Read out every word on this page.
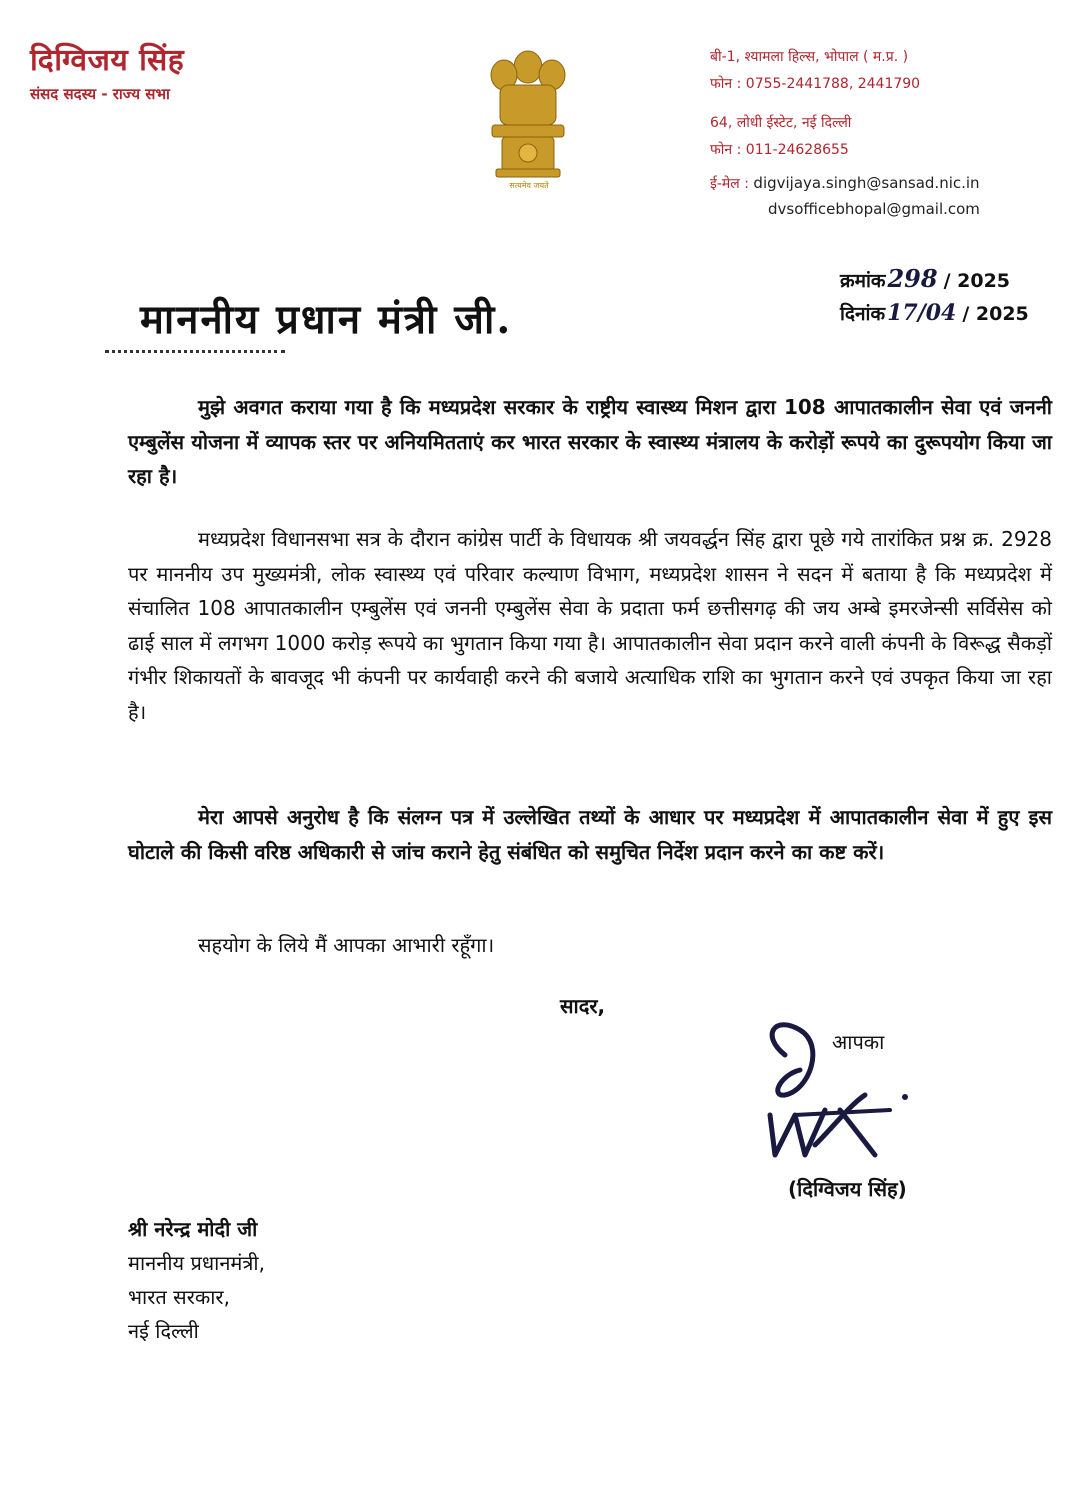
दिग्विजय सिंह
संसद सदस्य - राज्य सभा
सत्यमेव जयते
बी-1, श्यामला हिल्स, भोपाल ( म.प्र. )
फोन : 0755-2441788, 2441790
64, लोधी ईस्टेट, नई दिल्ली
फोन : 011-24628655
ई-मेल : digvijaya.singh@sansad.nic.in
dvsofficebhopal@gmail.com
क्रमांक298 / 2025
दिनांक17/04 / 2025
माननीय प्रधान मंत्री जी.
मुझे अवगत कराया गया है कि मध्यप्रदेश सरकार के राष्ट्रीय स्वास्थ्य मिशन द्वारा 108 आपातकालीन सेवा एवं जननी एम्बुलेंस योजना में व्यापक स्तर पर अनियमितताएं कर भारत सरकार के स्वास्थ्य मंत्रालय के करोड़ों रूपये का दुरूपयोग किया जा रहा है।
मध्यप्रदेश विधानसभा सत्र के दौरान कांग्रेस पार्टी के विधायक श्री जयवर्द्धन सिंह द्वारा पूछे गये तारांकित प्रश्न क्र. 2928 पर माननीय उप मुख्यमंत्री, लोक स्वास्थ्य एवं परिवार कल्याण विभाग, मध्यप्रदेश शासन ने सदन में बताया है कि मध्यप्रदेश में संचालित 108 आपातकालीन एम्बुलेंस एवं जननी एम्बुलेंस सेवा के प्रदाता फर्म छत्तीसगढ़ की जय अम्बे इमरजेन्सी सर्विसेस को ढाई साल में लगभग 1000 करोड़ रूपये का भुगतान किया गया है। आपातकालीन सेवा प्रदान करने वाली कंपनी के विरूद्ध सैकड़ों गंभीर शिकायतों के बावजूद भी कंपनी पर कार्यवाही करने की बजाये अत्याधिक राशि का भुगतान करने एवं उपकृत किया जा रहा है।
मेरा आपसे अनुरोध है कि संलग्न पत्र में उल्लेखित तथ्यों के आधार पर मध्यप्रदेश में आपातकालीन सेवा में हुए इस घोटाले की किसी वरिष्ठ अधिकारी से जांच कराने हेतु संबंधित को समुचित निर्देश प्रदान करने का कष्ट करें।
सहयोग के लिये मैं आपका आभारी रहूँगा।
सादर,
आपका
(दिग्विजय सिंह)
श्री नरेन्द्र मोदी जी
माननीय प्रधानमंत्री,
भारत सरकार,
नई दिल्ली
